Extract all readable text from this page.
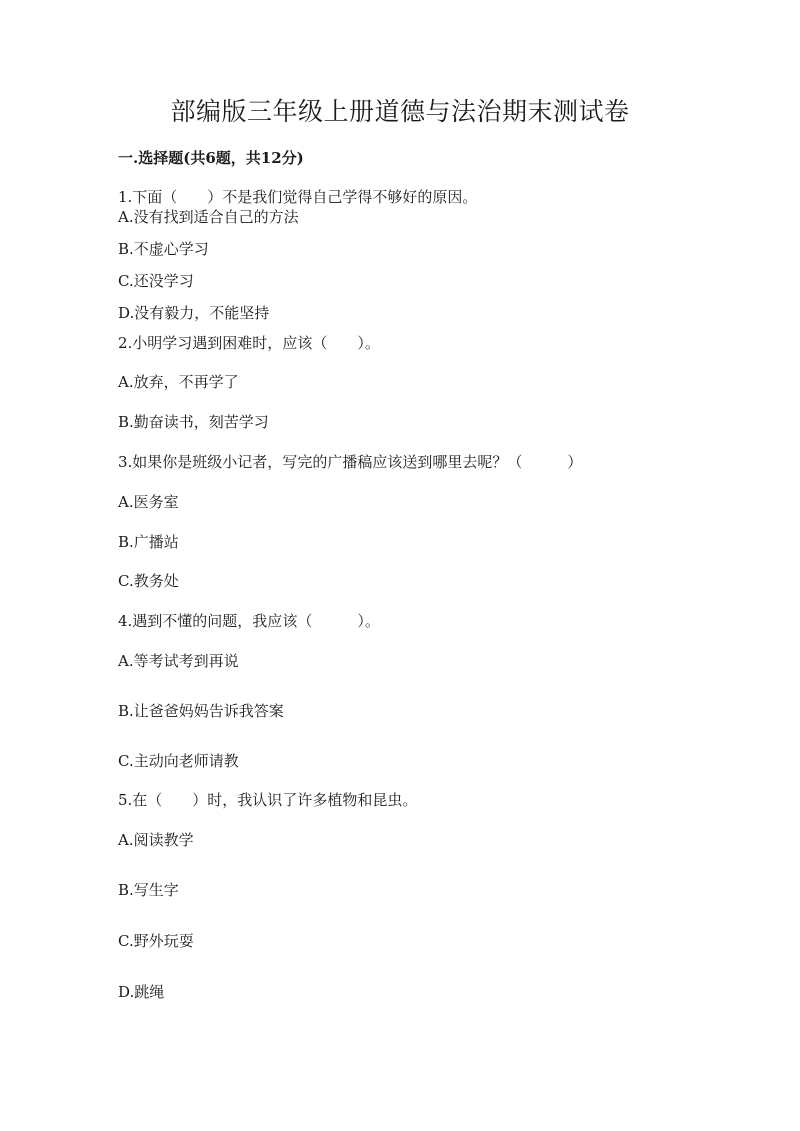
部编版三年级上册道德与法治期末测试卷
一.选择题(共6题，共12分)
1.下面（　　）不是我们觉得自己学得不够好的原因。
A.没有找到适合自己的方法
B.不虚心学习
C.还没学习
D.没有毅力，不能坚持
2.小明学习遇到困难时，应该（　　）。
A.放弃，不再学了
B.勤奋读书，刻苦学习
3.如果你是班级小记者，写完的广播稿应该送到哪里去呢？（　　　）
A.医务室
B.广播站
C.教务处
4.遇到不懂的问题，我应该（　　　）。
A.等考试考到再说
B.让爸爸妈妈告诉我答案
C.主动向老师请教
5.在（　　）时，我认识了许多植物和昆虫。
A.阅读教学
B.写生字
C.野外玩耍
D.跳绳
